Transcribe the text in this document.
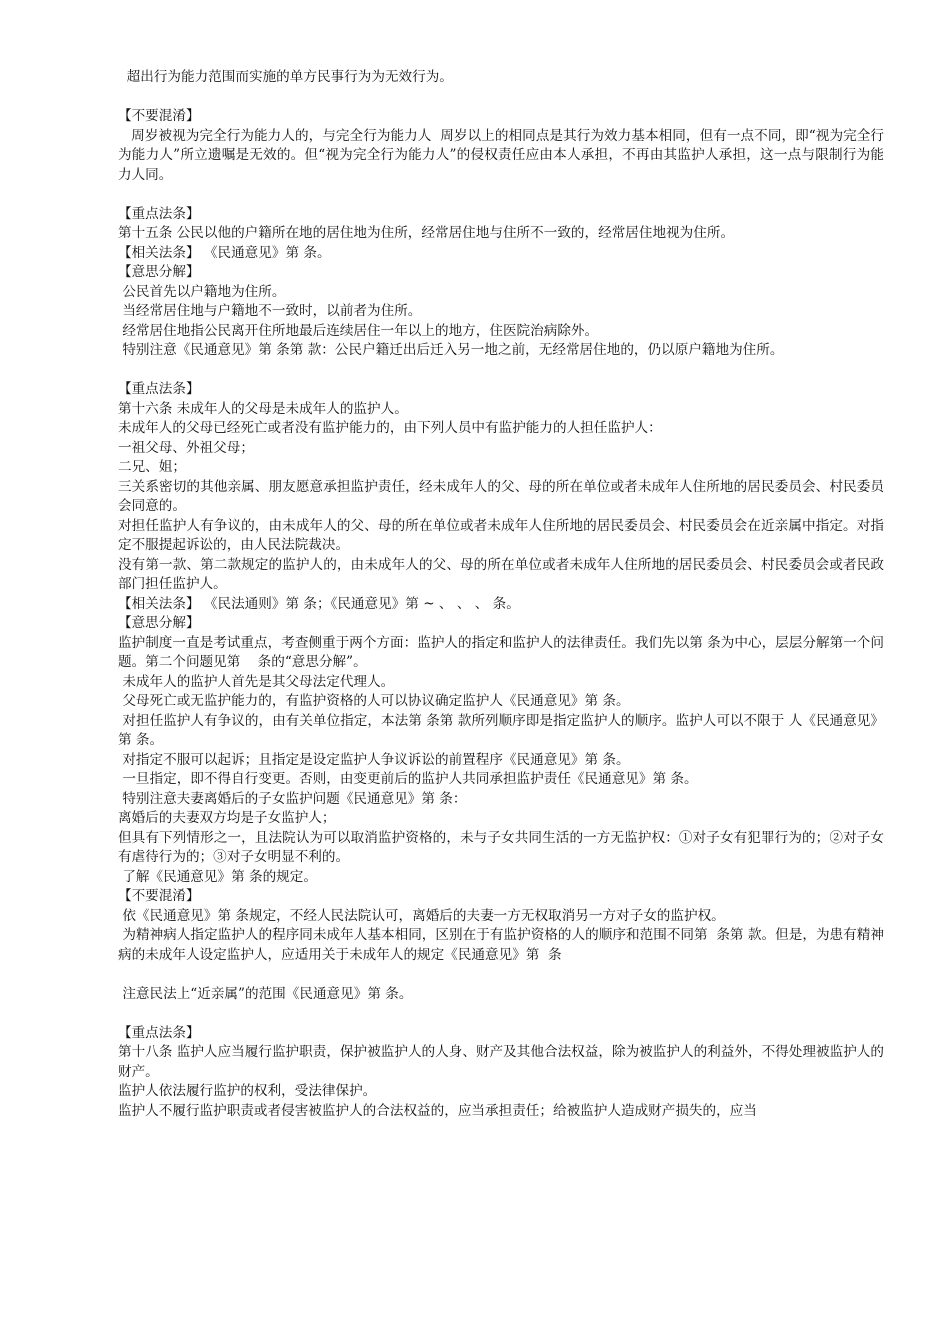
超出行为能力范围而实施的单方民事行为为无效行为。
【不要混淆】
周岁被视为完全行为能力人的，与完全行为能力人  周岁以上的相同点是其行为效力基本相同，但有一点不同，即“视为完全行为能力人”所立遗嘱是无效的。但“视为完全行为能力人”的侵权责任应由本人承担，不再由其监护人承担，这一点与限制行为能力人同。
【重点法条】
第十五条 公民以他的户籍所在地的居住地为住所，经常居住地与住所不一致的，经常居住地视为住所。
【相关法条】 《民通意见》第 条。
【意思分解】
公民首先以户籍地为住所。
当经常居住地与户籍地不一致时，以前者为住所。
经常居住地指公民离开住所地最后连续居住一年以上的地方，住医院治病除外。
特别注意《民通意见》第 条第 款：公民户籍迁出后迁入另一地之前，无经常居住地的，仍以原户籍地为住所。
【重点法条】
第十六条 未成年人的父母是未成年人的监护人。
未成年人的父母已经死亡或者没有监护能力的，由下列人员中有监护能力的人担任监护人：
一祖父母、外祖父母；
二兄、姐；
三关系密切的其他亲属、朋友愿意承担监护责任，经未成年人的父、母的所在单位或者未成年人住所地的居民委员会、村民委员会同意的。
对担任监护人有争议的，由未成年人的父、母的所在单位或者未成年人住所地的居民委员会、村民委员会在近亲属中指定。对指定不服提起诉讼的，由人民法院裁决。
没有第一款、第二款规定的监护人的，由未成年人的父、母的所在单位或者未成年人住所地的居民委员会、村民委员会或者民政部门担任监护人。
【相关法条】 《民法通则》第 条；《民通意见》第 ~ 、 、 、 条。
【意思分解】
监护制度一直是考试重点，考查侧重于两个方面：监护人的指定和监护人的法律责任。我们先以第 条为中心，层层分解第一个问题。第二个问题见第    条的“意思分解”。
未成年人的监护人首先是其父母法定代理人。
父母死亡或无监护能力的，有监护资格的人可以协议确定监护人《民通意见》第 条。
对担任监护人有争议的，由有关单位指定，本法第 条第 款所列顺序即是指定监护人的顺序。监护人可以不限于 人《民通意见》第 条。
对指定不服可以起诉；且指定是设定监护人争议诉讼的前置程序《民通意见》第 条。
一旦指定，即不得自行变更。否则，由变更前后的监护人共同承担监护责任《民通意见》第 条。
特别注意夫妻离婚后的子女监护问题《民通意见》第 条：
离婚后的夫妻双方均是子女监护人；
但具有下列情形之一，且法院认为可以取消监护资格的，未与子女共同生活的一方无监护权：①对子女有犯罪行为的；②对子女有虐待行为的；③对子女明显不利的。
了解《民通意见》第 条的规定。
【不要混淆】
依《民通意见》第 条规定，不经人民法院认可，离婚后的夫妻一方无权取消另一方对子女的监护权。
为精神病人指定监护人的程序同未成年人基本相同，区别在于有监护资格的人的顺序和范围不同第  条第 款。但是，为患有精神病的未成年人设定监护人，应适用关于未成年人的规定《民通意见》第  条

注意民法上“近亲属”的范围《民通意见》第 条。
【重点法条】
第十八条 监护人应当履行监护职责，保护被监护人的人身、财产及其他合法权益，除为被监护人的利益外，不得处理被监护人的财产。
监护人依法履行监护的权利，受法律保护。
监护人不履行监护职责或者侵害被监护人的合法权益的，应当承担责任；给被监护人造成财产损失的，应当
